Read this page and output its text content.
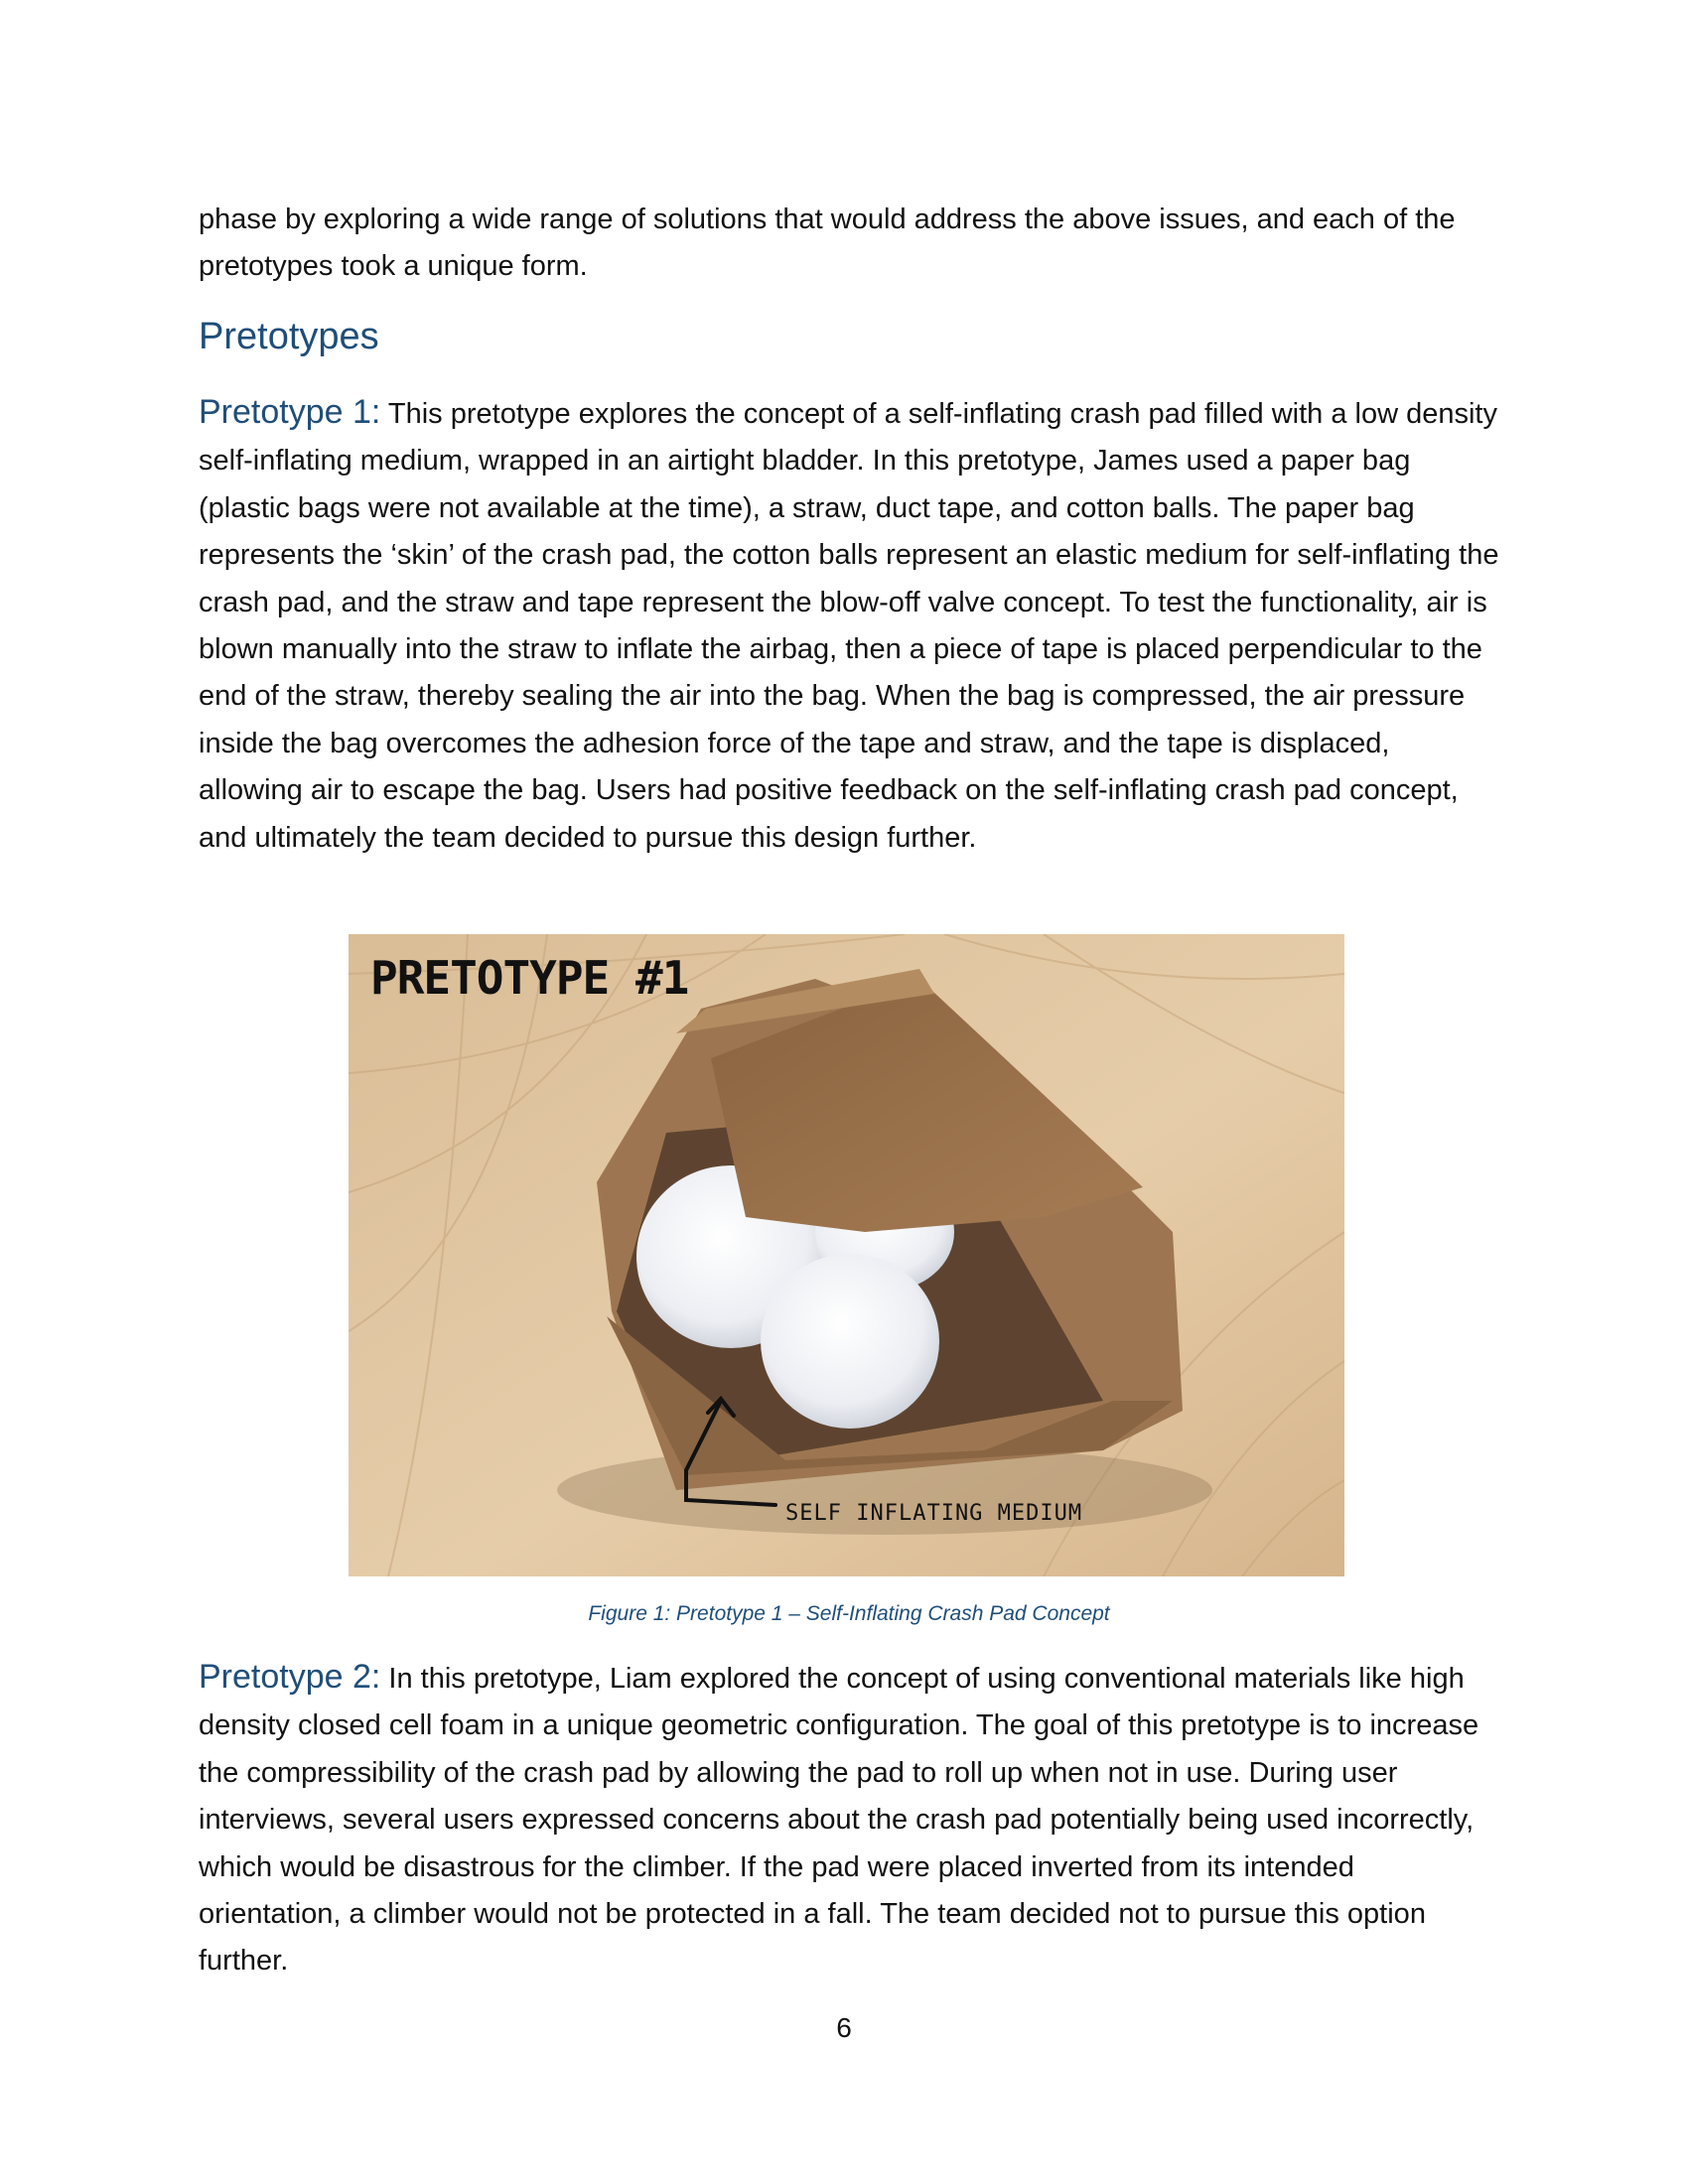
phase by exploring a wide range of solutions that would address the above issues, and each of the pretotypes took a unique form.

Pretotypes

Pretotype 1: This pretotype explores the concept of a self-inflating crash pad filled with a low density self-inflating medium, wrapped in an airtight bladder. In this pretotype, James used a paper bag (plastic bags were not available at the time), a straw, duct tape, and cotton balls. The paper bag represents the ‘skin’ of the crash pad, the cotton balls represent an elastic medium for self-inflating the crash pad, and the straw and tape represent the blow-off valve concept. To test the functionality, air is blown manually into the straw to inflate the airbag, then a piece of tape is placed perpendicular to the end of the straw, thereby sealing the air into the bag. When the bag is compressed, the air pressure inside the bag overcomes the adhesion force of the tape and straw, and the tape is displaced, allowing air to escape the bag. Users had positive feedback on the self-inflating crash pad concept, and ultimately the team decided to pursue this design further.

PRETOTYPE #1
SELF INFLATING MEDIUM

Figure 1: Pretotype 1 – Self-Inflating Crash Pad Concept

Pretotype 2: In this pretotype, Liam explored the concept of using conventional materials like high density closed cell foam in a unique geometric configuration. The goal of this pretotype is to increase the compressibility of the crash pad by allowing the pad to roll up when not in use. During user interviews, several users expressed concerns about the crash pad potentially being used incorrectly, which would be disastrous for the climber. If the pad were placed inverted from its intended orientation, a climber would not be protected in a fall. The team decided not to pursue this option further.

6
